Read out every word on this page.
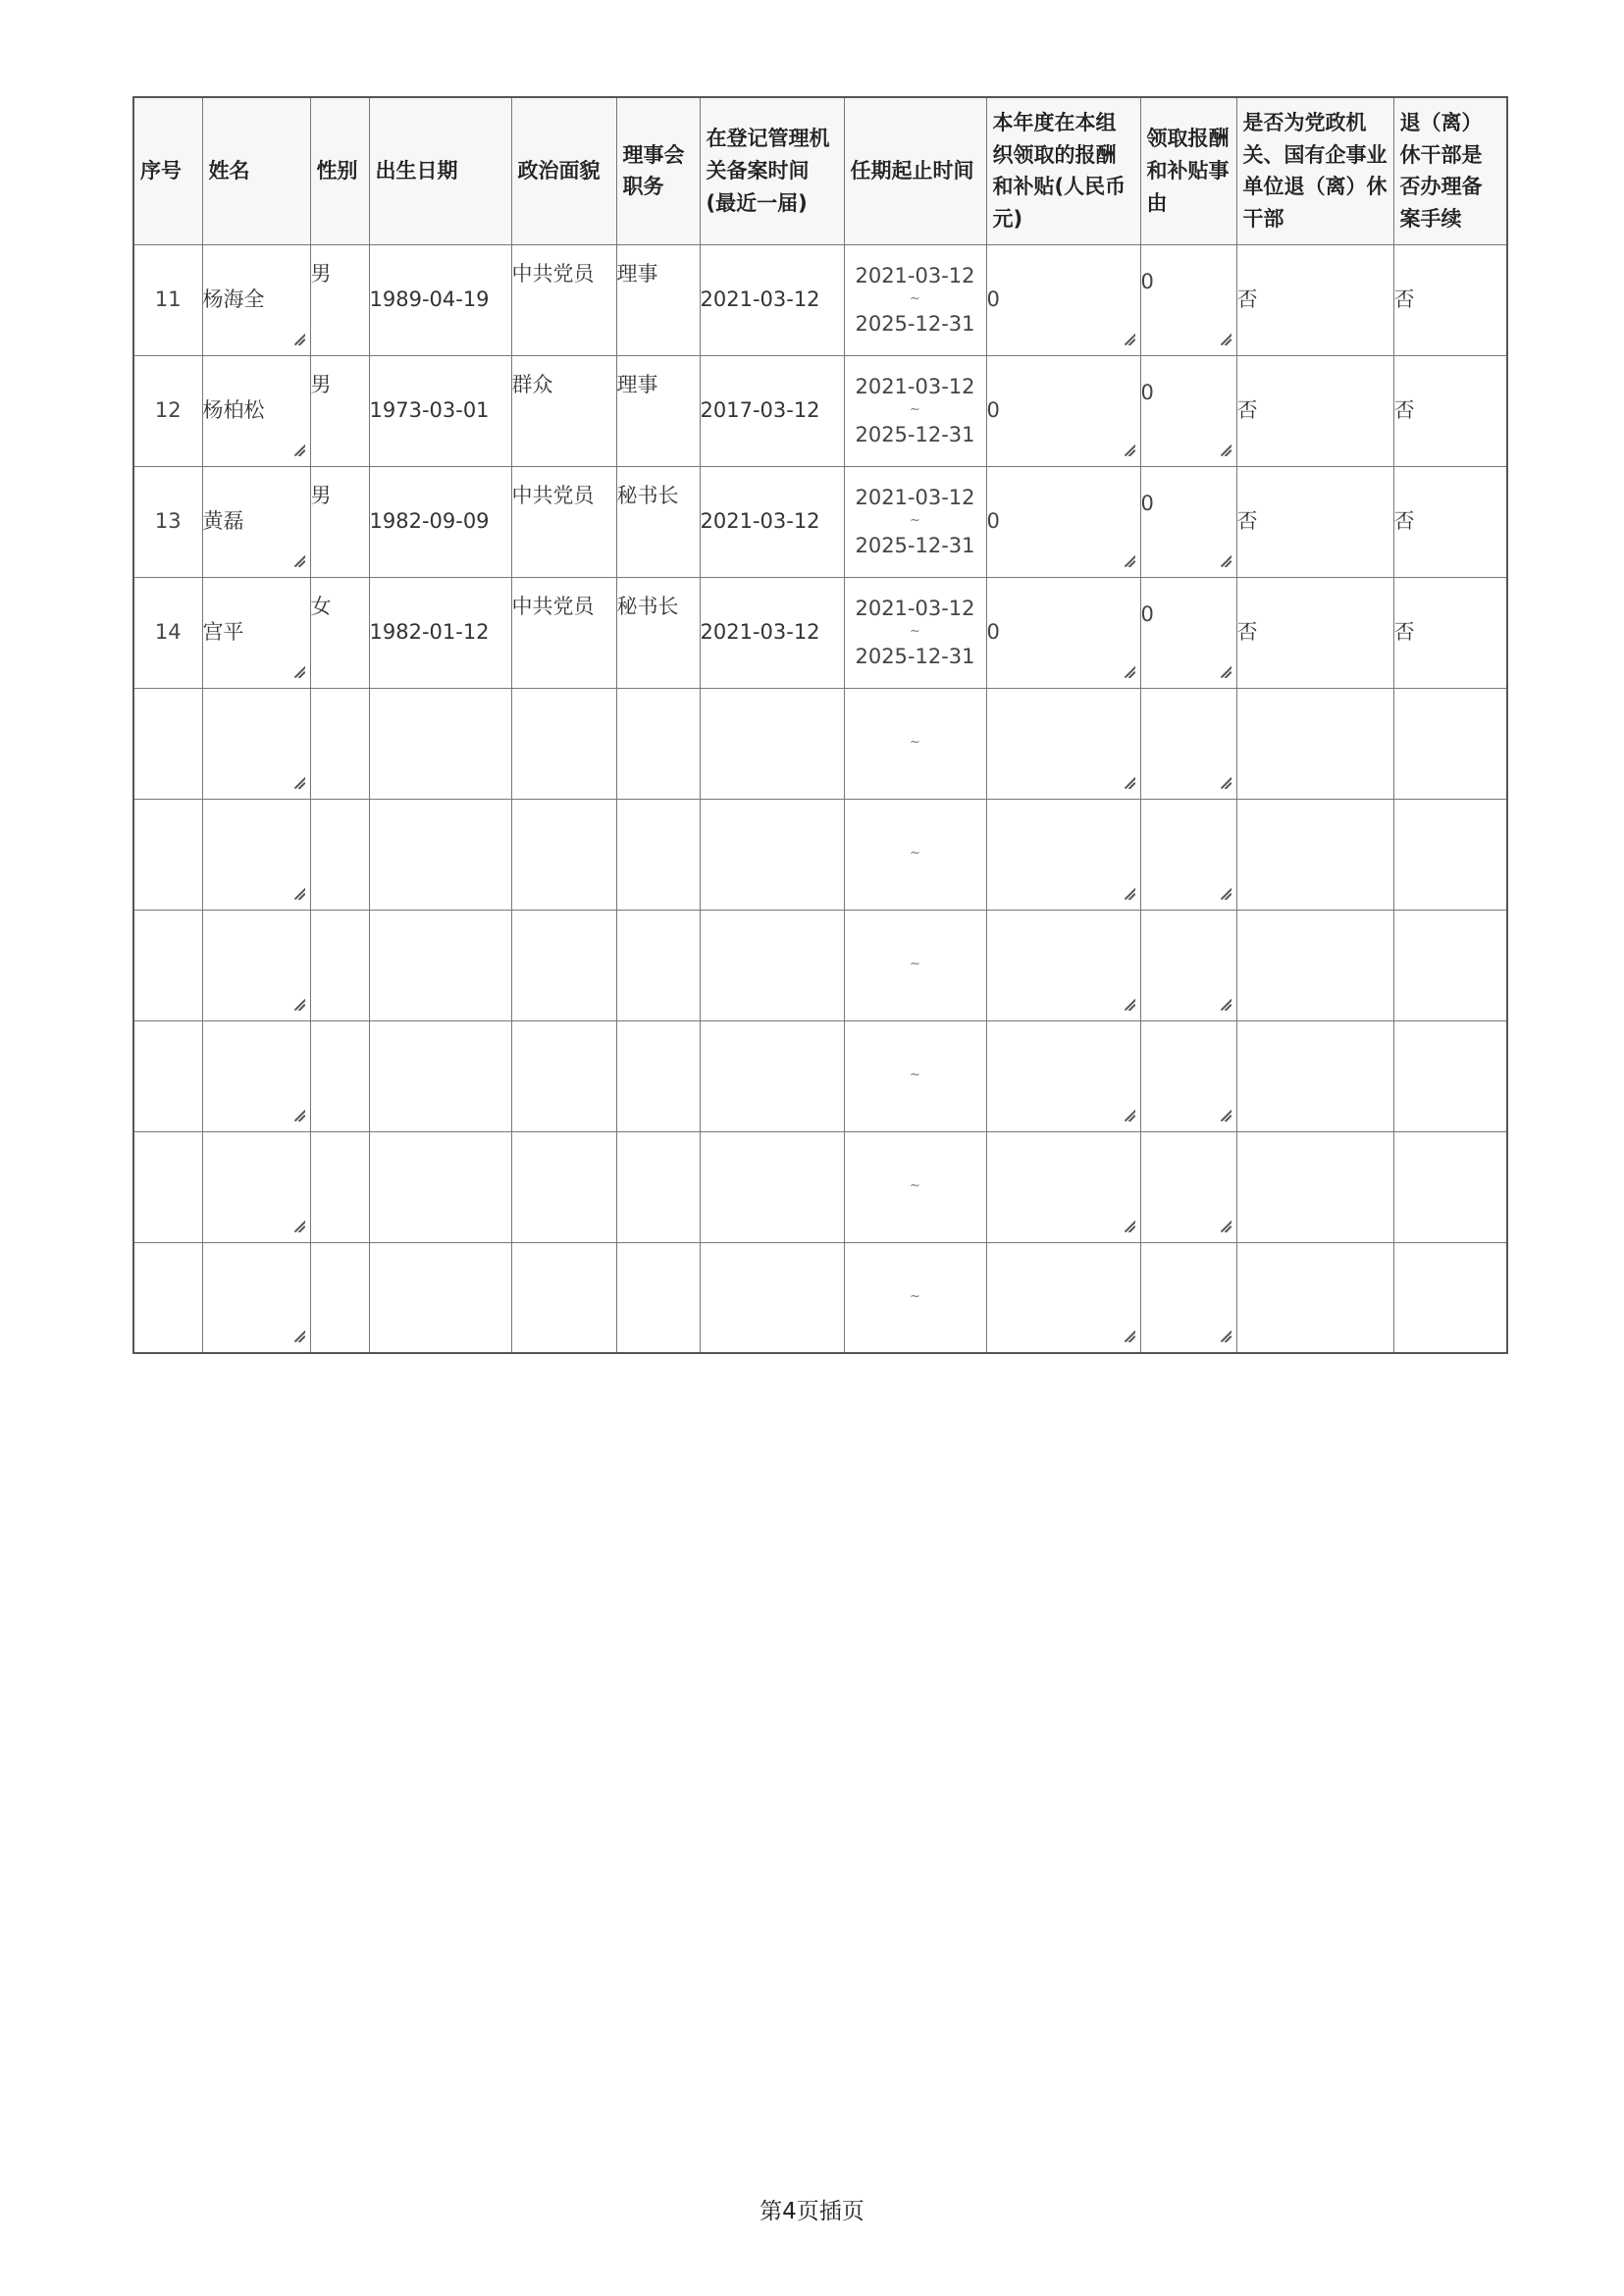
序号	姓名	性别	出生日期	政治面貌	理事会职务	在登记管理机关备案时间(最近一届)	任期起止时间	本年度在本组织领取的报酬和补贴(人民币元)	领取报酬和补贴事由	是否为党政机关、国有企事业单位退（离）休干部	退（离）休干部是否办理备案手续
11	杨海全	男	1989-04-19	中共党员	理事	2021-03-12	2021-03-12
~
2025-12-31	0	0	否	否
12	杨柏松	男	1973-03-01	群众	理事	2017-03-12	2021-03-12
~
2025-12-31	0	0	否	否
13	黄磊	男	1982-09-09	中共党员	秘书长	2021-03-12	2021-03-12
~
2025-12-31	0	0	否	否
14	宫平	女	1982-01-12	中共党员	秘书长	2021-03-12	2021-03-12
~
2025-12-31	0	0	否	否

							~				

							~				

							~				

							~				

							~				

							~				

第4页插页
